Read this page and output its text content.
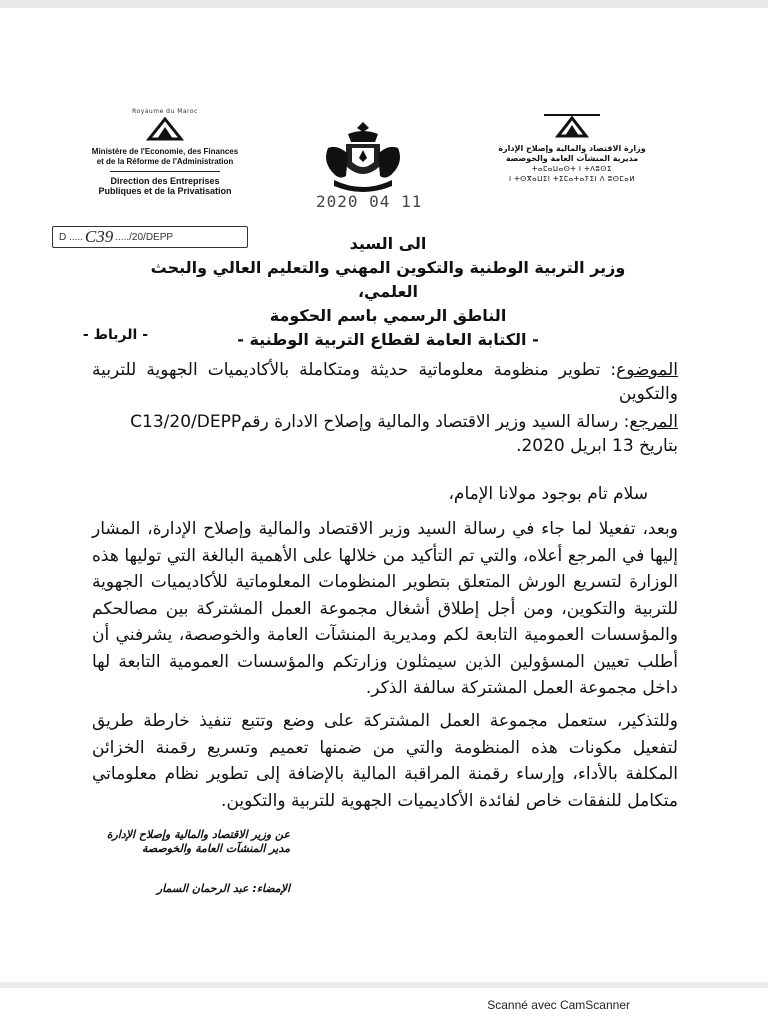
Royaume du Maroc
Ministère de l'Economie, des Finances
et de la Réforme de l'Administration
Direction des Entreprises
Publiques et de la Privatisation
2020 ⁠04 11
وزارة الاقتصاد والمالية وإصلاح الإدارة
مديرية المنشآت العامة والخوصصة
ⵜⴰⵎⴰⵡⴰⵙⵜ ⵏ ⵜⴷⵓⵙⵉ
ⵏ ⵜⵙⴳⴰⵡⵉⵏ ⵜⵉⵎⴰⵜⴰⵢⵉⵏ ⴷ ⵓⵙⵎⴰⵍ
D ..... C39 ...../20/DEPP	الى السيد
وزير التربية الوطنية والتكوين المهني والتعليم العالي والبحث العلمي،
الناطق الرسمي باسم الحكومة
- الكتابة العامة لقطاع التربية الوطنية -
- الرباط -
الموضوع: تطوير منظومة معلوماتية حديثة ومتكاملة بالأكاديميات الجهوية للتربية والتكوين
المرجع: رسالة السيد وزير الاقتصاد والمالية وإصلاح الادارة رقمC13/20/DEPP
بتاريخ 13 ابريل 2020.
سلام تام بوجود مولانا الإمام،
وبعد، تفعيلا لما جاء في رسالة السيد وزير الاقتصاد والمالية وإصلاح الإدارة، المشار إليها في المرجع أعلاه، والتي تم التأكيد من خلالها على الأهمية البالغة التي توليها هذه الوزارة لتسريع الورش المتعلق بتطوير المنظومات المعلوماتية للأكاديميات الجهوية للتربية والتكوين، ومن أجل إطلاق أشغال مجموعة العمل المشتركة بين مصالحكم والمؤسسات العمومية التابعة لكم ومديرية المنشآت العامة والخوصصة، يشرفني أن أطلب تعيين المسؤولين الذين سيمثلون وزارتكم والمؤسسات العمومية التابعة لها داخل مجموعة العمل المشتركة سالفة الذكر.
وللتذكير، ستعمل مجموعة العمل المشتركة على وضع وتتبع تنفيذ خارطة طريق لتفعيل مكونات هذه المنظومة والتي من ضمنها تعميم وتسريع رقمنة الخزائن المكلفة بالأداء، وإرساء رقمنة المراقبة المالية بالإضافة إلى تطوير نظام معلوماتي متكامل للنفقات خاص لفائدة الأكاديميات الجهوية للتربية والتكوين.
عن وزير الاقتصاد والمالية وإصلاح الإدارة
مدير المنشآت العامة والخوصصة
الإمضاء: عبد الرحمان السمار
Scanné avec CamScanner
